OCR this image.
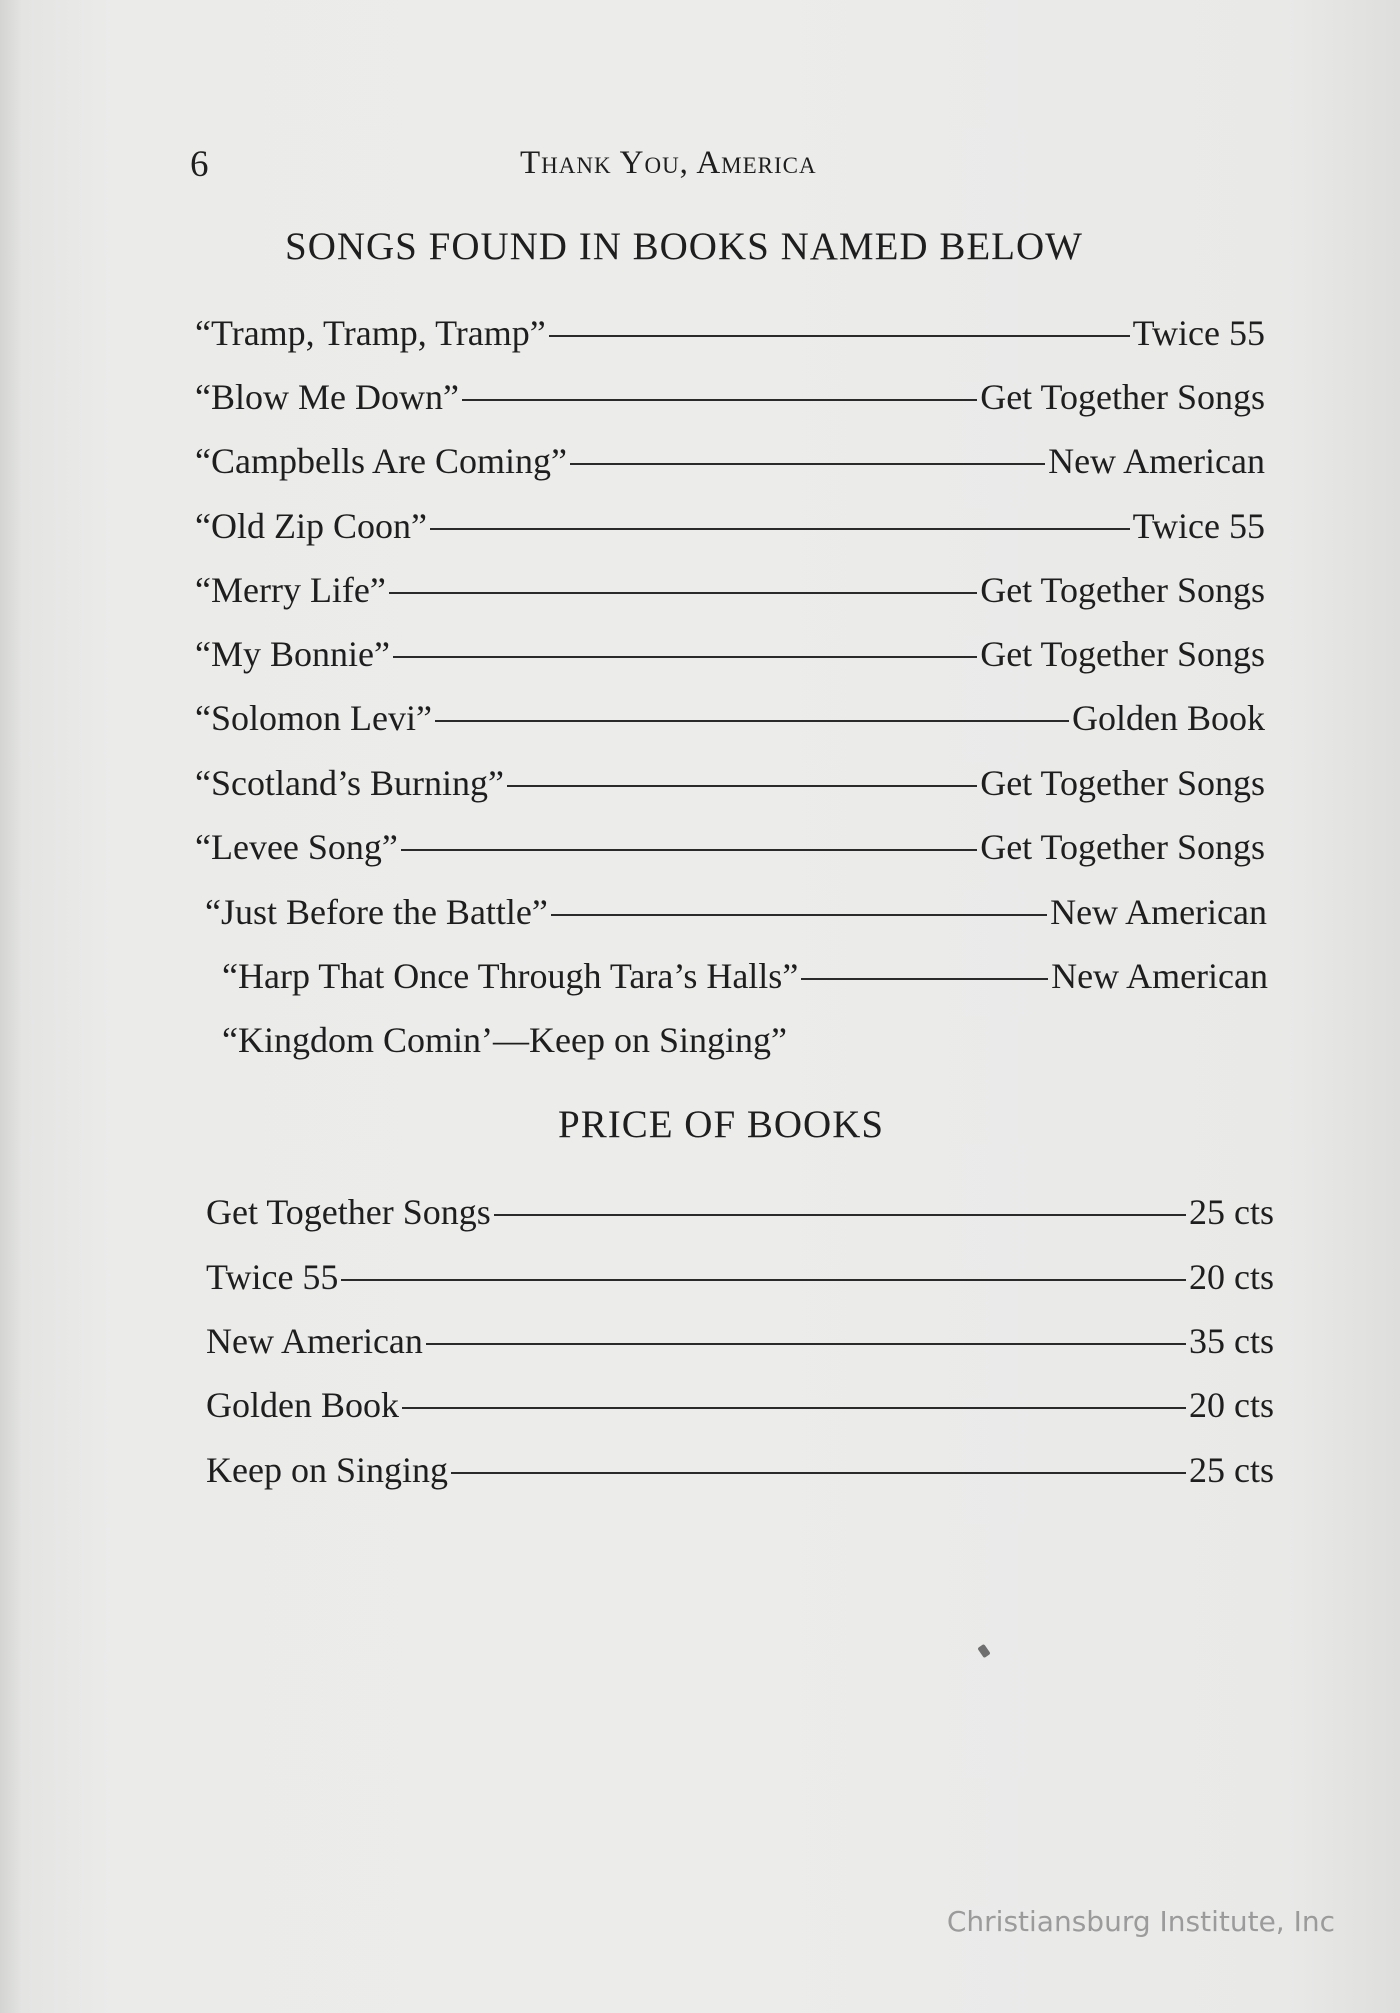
6	Thank You, America
SONGS FOUND IN BOOKS NAMED BELOW
“Tramp, Tramp, Tramp”	Twice 55
“Blow Me Down”	Get Together Songs
“Campbells Are Coming”	New American
“Old Zip Coon”	Twice 55
“Merry Life”	Get Together Songs
“My Bonnie”	Get Together Songs
“Solomon Levi”	Golden Book
“Scotland’s Burning”	Get Together Songs
“Levee Song”	Get Together Songs
“Just Before the Battle”	New American
“Harp That Once Through Tara’s Halls”	New American
“Kingdom Comin’—Keep on Singing”
PRICE OF BOOKS
Get Together Songs	25 cts
Twice 55	20 cts
New American	35 cts
Golden Book	20 cts
Keep on Singing	25 cts
Christiansburg Institute, Inc
